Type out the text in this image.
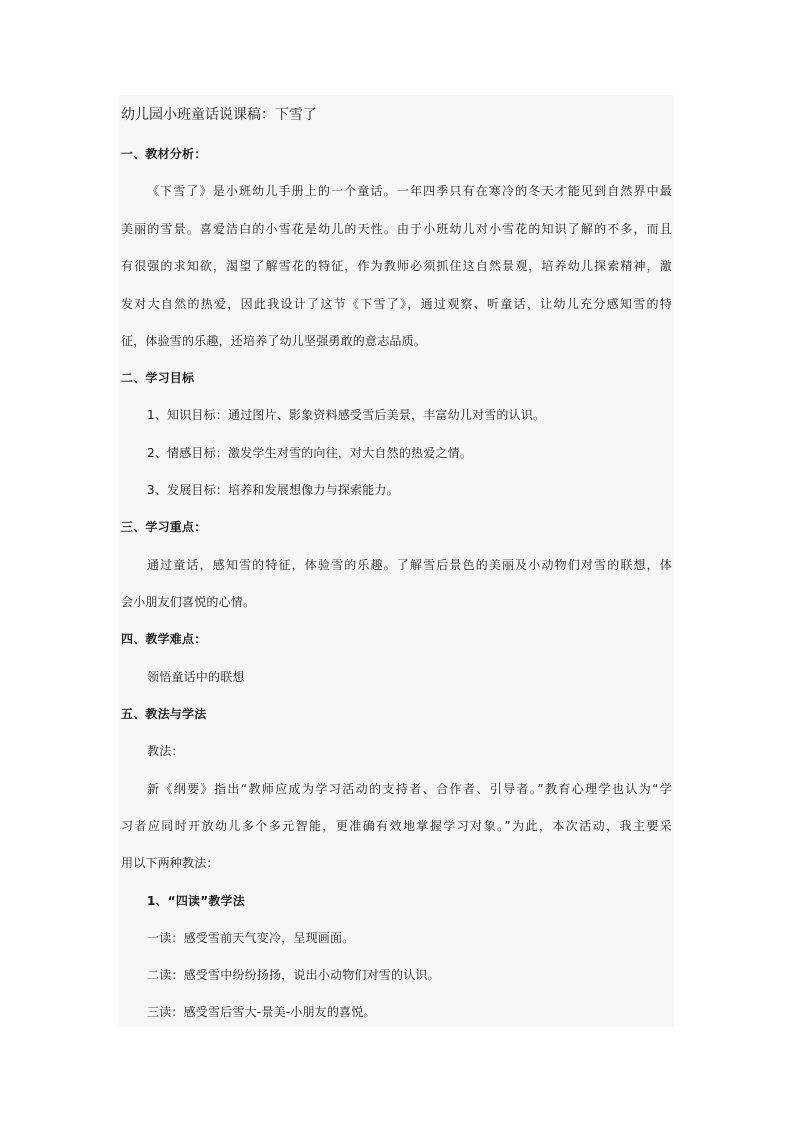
幼儿园小班童话说课稿：下雪了
一、教材分析：
《下雪了》是小班幼儿手册上的一个童话。一年四季只有在寒冷的冬天才能见到自然界中最
美丽的雪景。喜爱洁白的小雪花是幼儿的天性。由于小班幼儿对小雪花的知识了解的不多，而且
有很强的求知欲，渴望了解雪花的特征，作为教师必须抓住这自然景观，培养幼儿探索精神，激
发对大自然的热爱，因此我设计了这节《下雪了》，通过观察、听童话，让幼儿充分感知雪的特
征，体验雪的乐趣，还培养了幼儿坚强勇敢的意志品质。
二、学习目标
1、知识目标：通过图片、影象资料感受雪后美景，丰富幼儿对雪的认识。
2、情感目标：激发学生对雪的向往，对大自然的热爱之情。
3、发展目标：培养和发展想像力与探索能力。
三、学习重点：
通过童话，感知雪的特征，体验雪的乐趣。了解雪后景色的美丽及小动物们对雪的联想，体
会小朋友们喜悦的心情。
四、教学难点：
领悟童话中的联想
五、教法与学法
教法：
新《纲要》指出“教师应成为学习活动的支持者、合作者、引导者。”教育心理学也认为“学
习者应同时开放幼儿多个多元智能，更准确有效地掌握学习对象。”为此，本次活动，我主要采
用以下两种教法：
1、“四读”教学法
一读：感受雪前天气变冷，呈现画面。
二读：感受雪中纷纷扬扬，说出小动物们对雪的认识。
三读：感受雪后雪大-景美-小朋友的喜悦。
